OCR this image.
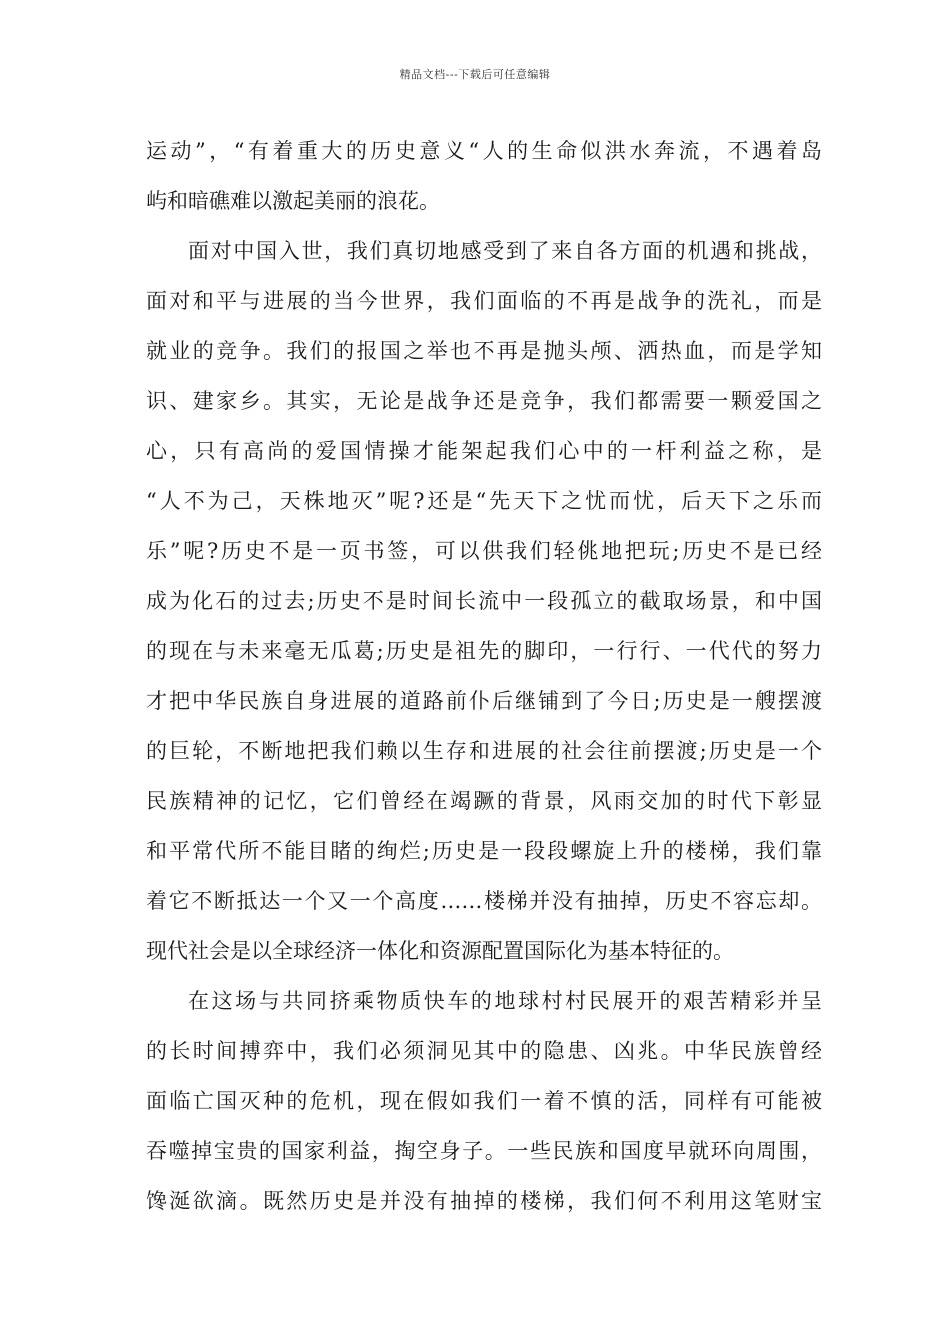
精品文档---下载后可任意编辑
运动”，“有着重大的历史意义“人的生命似洪水奔流，不遇着岛
屿和暗礁难以激起美丽的浪花。
面对中国入世，我们真切地感受到了来自各方面的机遇和挑战，
面对和平与进展的当今世界，我们面临的不再是战争的洗礼，而是
就业的竞争。我们的报国之举也不再是抛头颅、洒热血，而是学知
识、建家乡。其实，无论是战争还是竞争，我们都需要一颗爱国之
心，只有高尚的爱国情操才能架起我们心中的一杆利益之称，是
“人不为己，天株地灭”呢?还是“先天下之忧而忧，后天下之乐而
乐”呢?历史不是一页书签，可以供我们轻佻地把玩;历史不是已经
成为化石的过去;历史不是时间长流中一段孤立的截取场景，和中国
的现在与未来毫无瓜葛;历史是祖先的脚印，一行行、一代代的努力
才把中华民族自身进展的道路前仆后继铺到了今日;历史是一艘摆渡
的巨轮，不断地把我们赖以生存和进展的社会往前摆渡;历史是一个
民族精神的记忆，它们曾经在竭蹶的背景，风雨交加的时代下彰显
和平常代所不能目睹的绚烂;历史是一段段螺旋上升的楼梯，我们靠
着它不断抵达一个又一个高度……楼梯并没有抽掉，历史不容忘却。
现代社会是以全球经济一体化和资源配置国际化为基本特征的。
在这场与共同挤乘物质快车的地球村村民展开的艰苦精彩并呈
的长时间搏弈中，我们必须洞见其中的隐患、凶兆。中华民族曾经
面临亡国灭种的危机，现在假如我们一着不慎的活，同样有可能被
吞噬掉宝贵的国家利益，掏空身子。一些民族和国度早就环向周围，
馋涎欲滴。既然历史是并没有抽掉的楼梯，我们何不利用这笔财宝
